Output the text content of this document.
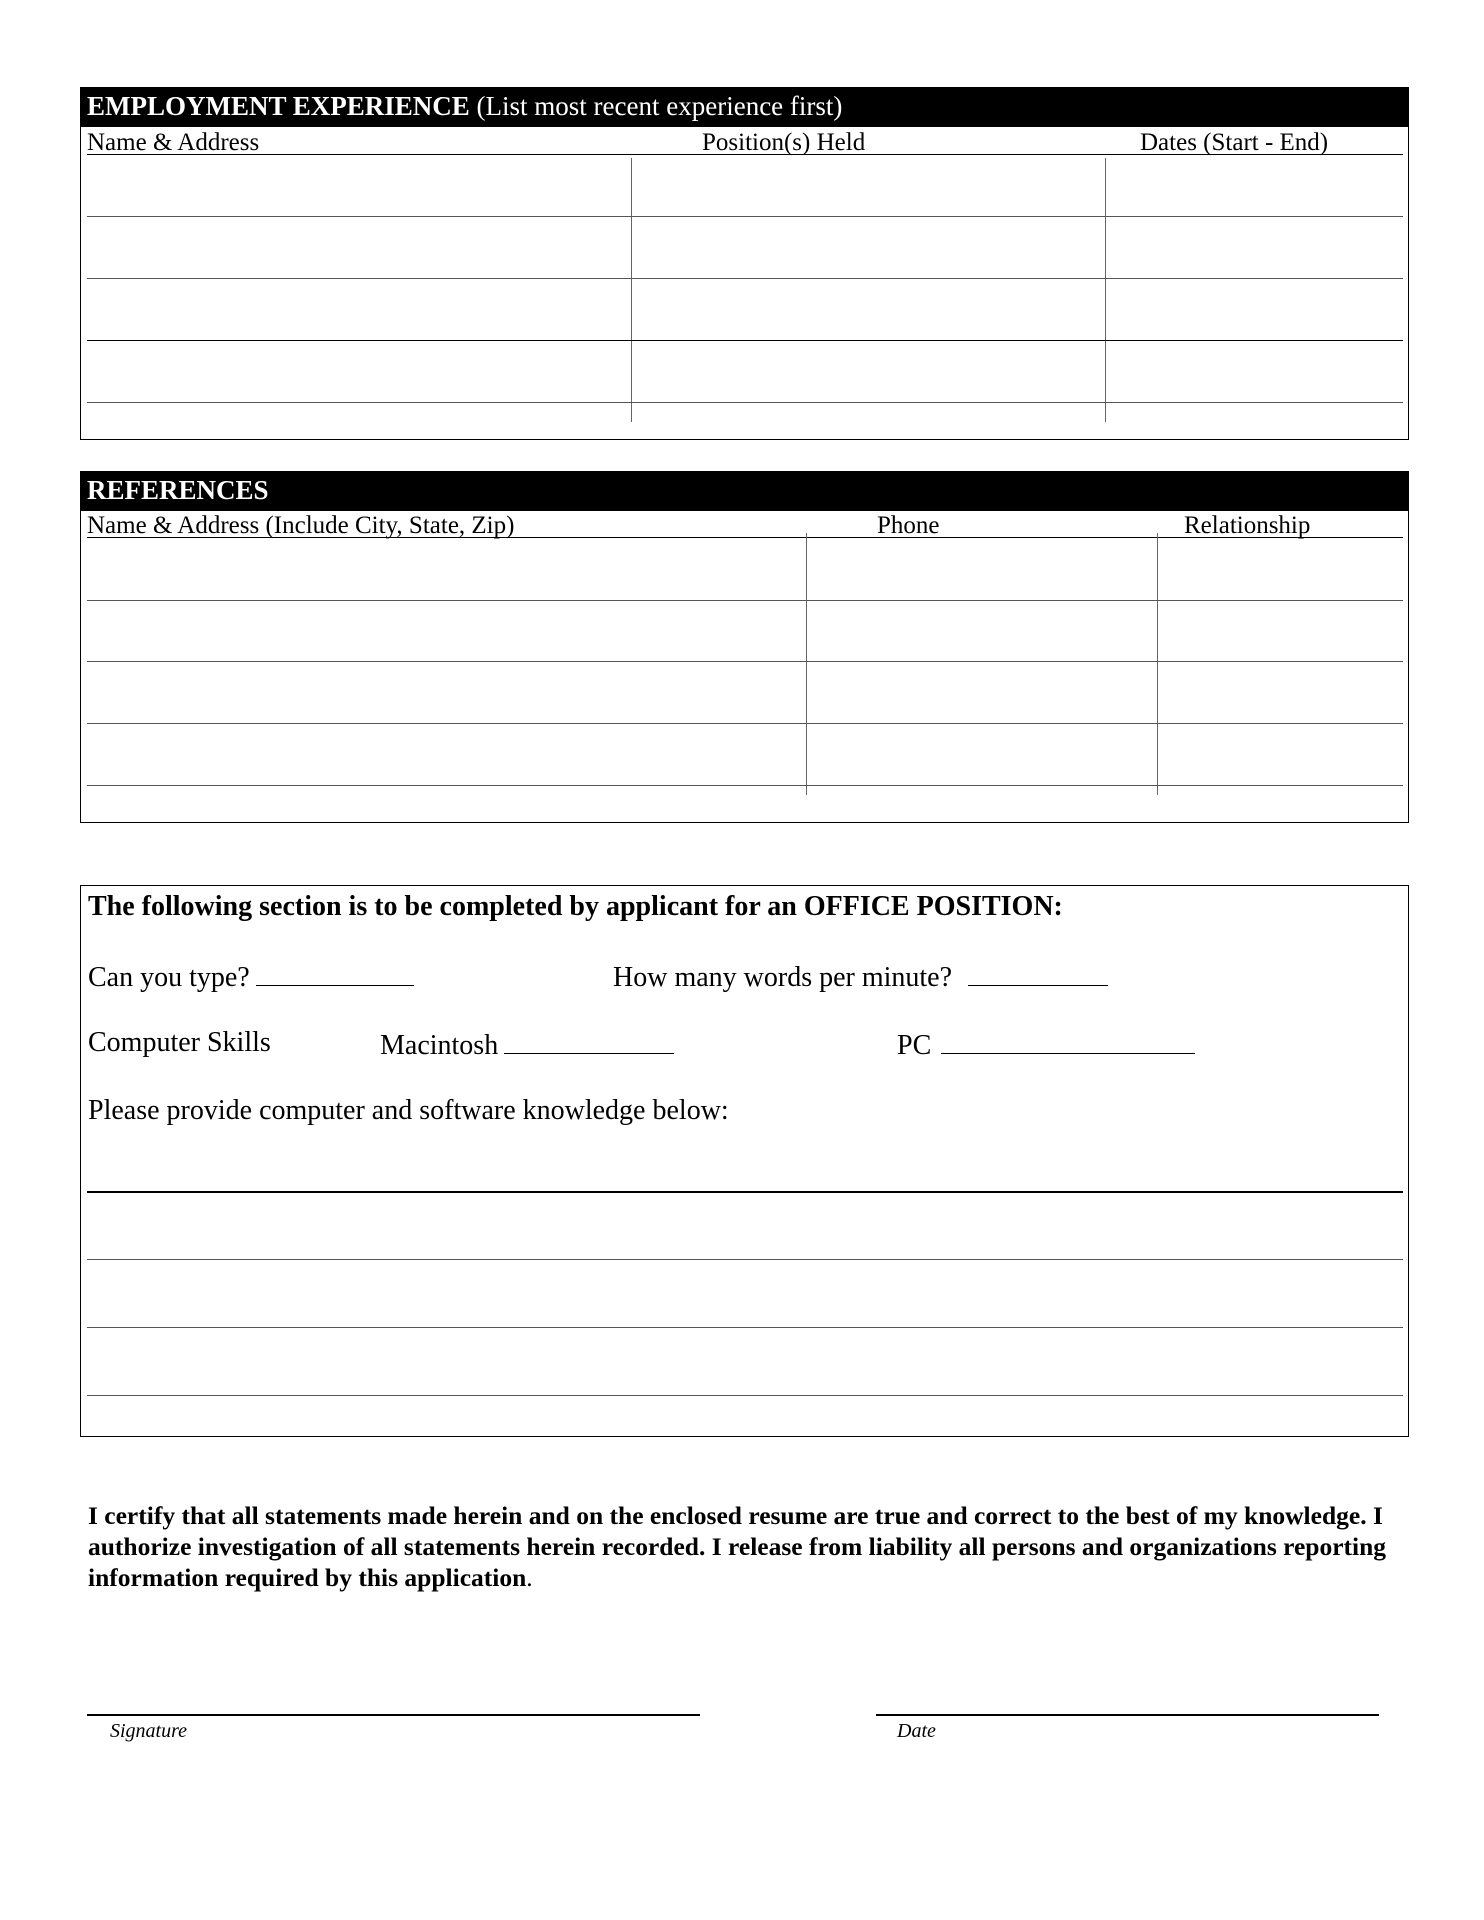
EMPLOYMENT EXPERIENCE (List most recent experience first)
Name & Address	Position(s) Held	Dates (Start - End)
REFERENCES
Name & Address (Include City, State, Zip)	Phone	Relationship
The following section is to be completed by applicant for an OFFICE POSITION:
Can you type?	How many words per minute?
Computer Skills	Macintosh	PC
Please provide computer and software knowledge below:
I certify that all statements made herein and on the enclosed resume are true and correct to the best of my knowledge. I authorize investigation of all statements herein recorded. I release from liability all persons and organizations reporting information required by this application.
Signature	Date
